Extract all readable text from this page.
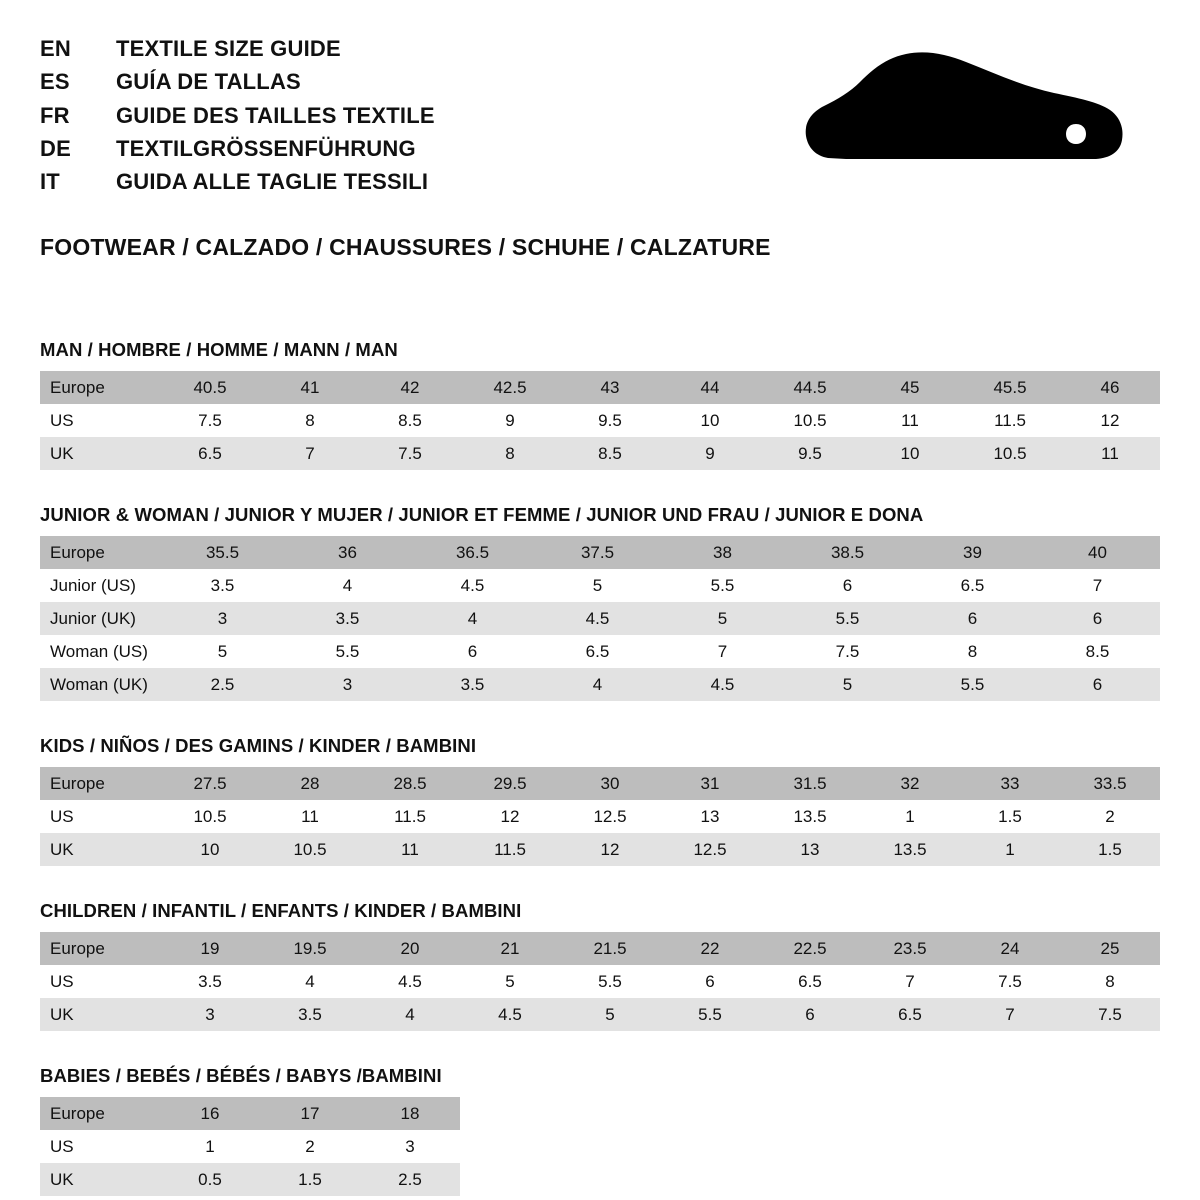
EN	TEXTILE SIZE GUIDE
ES	GUÍA DE TALLAS
FR	GUIDE DES TAILLES TEXTILE
DE	TEXTILGRÖSSENFÜHRUNG
IT	GUIDA ALLE TAGLIE TESSILI
FOOTWEAR / CALZADO / CHAUSSURES / SCHUHE / CALZATURE
MAN / HOMBRE / HOMME / MANN / MAN
Europe	40.5	41	42	42.5	43	44	44.5	45	45.5	46
US	7.5	8	8.5	9	9.5	10	10.5	11	11.5	12
UK	6.5	7	7.5	8	8.5	9	9.5	10	10.5	11
JUNIOR & WOMAN / JUNIOR Y MUJER / JUNIOR ET FEMME / JUNIOR UND FRAU / JUNIOR E DONA
Europe	35.5	36	36.5	37.5	38	38.5	39	40
Junior (US)	3.5	4	4.5	5	5.5	6	6.5	7
Junior (UK)	3	3.5	4	4.5	5	5.5	6	6
Woman (US)	5	5.5	6	6.5	7	7.5	8	8.5
Woman (UK)	2.5	3	3.5	4	4.5	5	5.5	6
KIDS / NIÑOS / DES GAMINS / KINDER / BAMBINI
Europe	27.5	28	28.5	29.5	30	31	31.5	32	33	33.5
US	10.5	11	11.5	12	12.5	13	13.5	1	1.5	2
UK	10	10.5	11	11.5	12	12.5	13	13.5	1	1.5
CHILDREN / INFANTIL / ENFANTS / KINDER / BAMBINI
Europe	19	19.5	20	21	21.5	22	22.5	23.5	24	25
US	3.5	4	4.5	5	5.5	6	6.5	7	7.5	8
UK	3	3.5	4	4.5	5	5.5	6	6.5	7	7.5
BABIES / BEBÉS / BÉBÉS / BABYS /BAMBINI
Europe	16	17	18
US	1	2	3
UK	0.5	1.5	2.5
